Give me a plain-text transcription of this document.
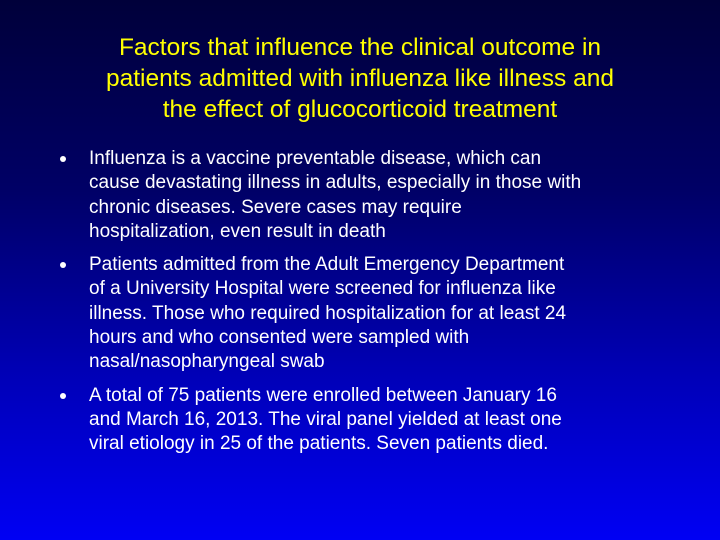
Factors that influence the clinical outcome in
patients admitted with influenza like illness and
the effect of glucocorticoid treatment
Influenza is a vaccine preventable disease, which can
cause devastating illness in adults, especially in those with
chronic diseases. Severe cases may require
hospitalization, even result in death
Patients admitted from the Adult Emergency Department
of a University Hospital were screened for influenza like
illness. Those who required hospitalization for at least 24
hours and who consented were sampled with
nasal/nasopharyngeal swab
A total of 75 patients were enrolled between January 16
and March 16, 2013. The viral panel yielded at least one
viral etiology in 25 of the patients. Seven patients died.
